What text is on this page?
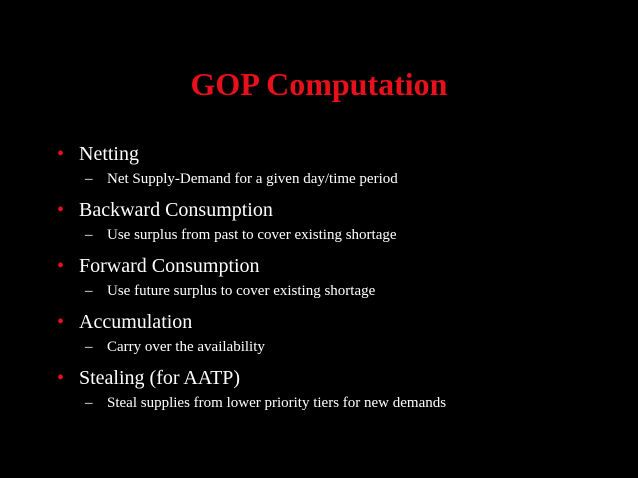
GOP Computation
• Netting
– Net Supply-Demand for a given day/time period
• Backward Consumption
– Use surplus from past to cover existing shortage
• Forward Consumption
– Use future surplus to cover existing shortage
• Accumulation
– Carry over the availability
• Stealing (for AATP)
– Steal supplies from lower priority tiers for new demands
